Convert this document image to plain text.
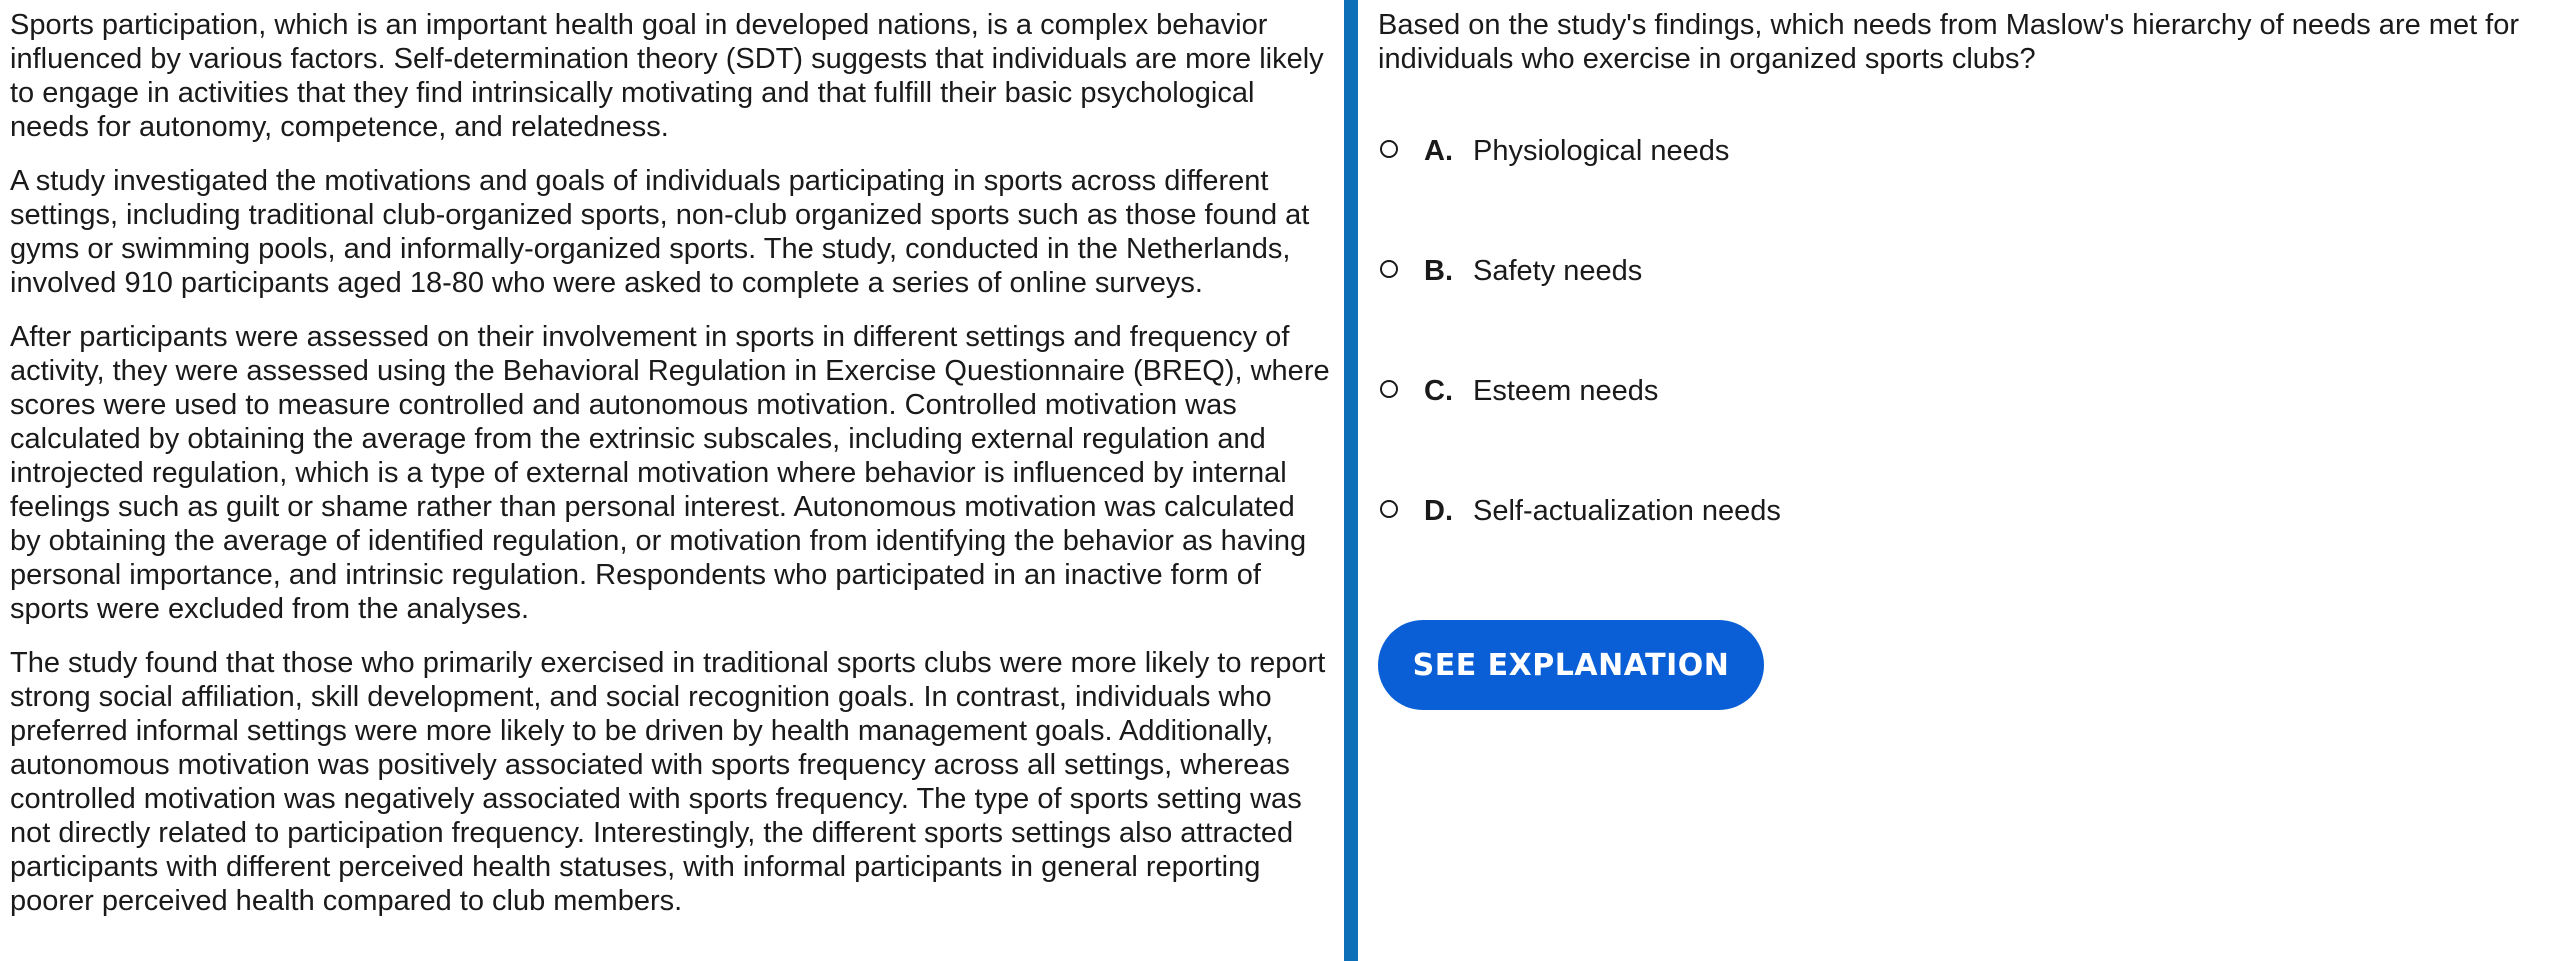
Sports participation, which is an important health goal in developed nations, is a complex behavior influenced by various factors. Self-determination theory (SDT) suggests that individuals are more likely to engage in activities that they find intrinsically motivating and that fulfill their basic psychological needs for autonomy, competence, and relatedness.

A study investigated the motivations and goals of individuals participating in sports across different settings, including traditional club-organized sports, non-club organized sports such as those found at gyms or swimming pools, and informally-organized sports. The study, conducted in the Netherlands, involved 910 participants aged 18-80 who were asked to complete a series of online surveys.

After participants were assessed on their involvement in sports in different settings and frequency of activity, they were assessed using the Behavioral Regulation in Exercise Questionnaire (BREQ), where scores were used to measure controlled and autonomous motivation. Controlled motivation was calculated by obtaining the average from the extrinsic subscales, including external regulation and introjected regulation, which is a type of external motivation where behavior is influenced by internal feelings such as guilt or shame rather than personal interest. Autonomous motivation was calculated by obtaining the average of identified regulation, or motivation from identifying the behavior as having personal importance, and intrinsic regulation. Respondents who participated in an inactive form of sports were excluded from the analyses.

The study found that those who primarily exercised in traditional sports clubs were more likely to report strong social affiliation, skill development, and social recognition goals. In contrast, individuals who preferred informal settings were more likely to be driven by health management goals. Additionally, autonomous motivation was positively associated with sports frequency across all settings, whereas controlled motivation was negatively associated with sports frequency. The type of sports setting was not directly related to participation frequency. Interestingly, the different sports settings also attracted participants with different perceived health statuses, with informal participants in general reporting poorer perceived health compared to club members.

Based on the study's findings, which needs from Maslow's hierarchy of needs are met for
individuals who exercise in organized sports clubs?

A. Physiological needs
B. Safety needs
C. Esteem needs
D. Self-actualization needs
SEE EXPLANATION
